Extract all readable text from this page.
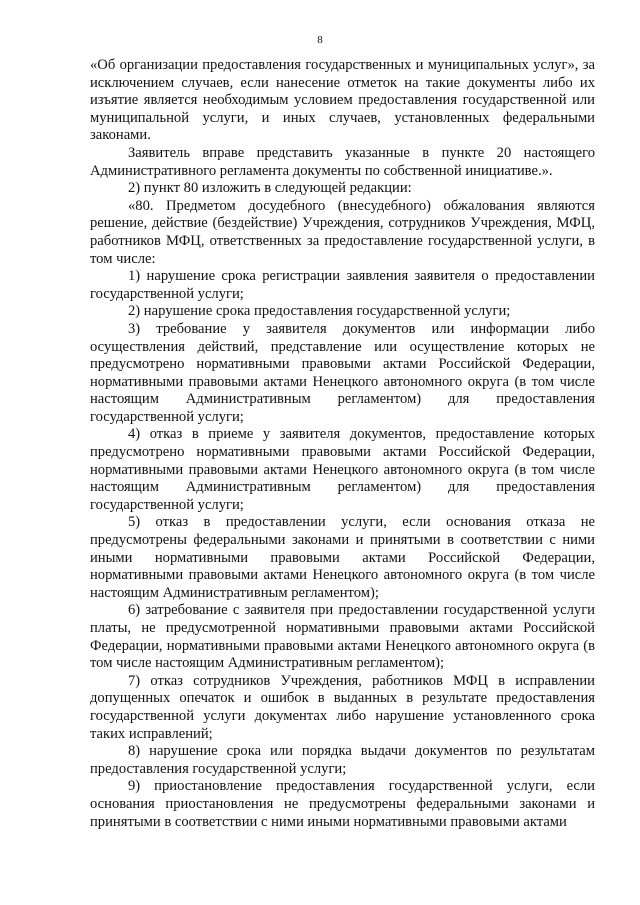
8

«Об организации предоставления государственных и муниципальных услуг», за исключением случаев, если нанесение отметок на такие документы либо их изъятие является необходимым условием предоставления государственной или муниципальной услуги, и иных случаев, установленных федеральными законами.

Заявитель вправе представить указанные в пункте 20 настоящего Административного регламента документы по собственной инициативе.».

2) пункт 80 изложить в следующей редакции:

«80. Предметом досудебного (внесудебного) обжалования являются решение, действие (бездействие) Учреждения, сотрудников Учреждения, МФЦ, работников МФЦ, ответственных за предоставление государственной услуги, в том числе:

1) нарушение срока регистрации заявления заявителя о предоставлении государственной услуги;

2) нарушение срока предоставления государственной услуги;

3) требование у заявителя документов или информации либо осуществления действий, представление или осуществление которых не предусмотрено нормативными правовыми актами Российской Федерации, нормативными правовыми актами Ненецкого автономного округа (в том числе настоящим Административным регламентом) для предоставления государственной услуги;

4) отказ в приеме у заявителя документов, предоставление которых предусмотрено нормативными правовыми актами Российской Федерации, нормативными правовыми актами Ненецкого автономного округа (в том числе настоящим Административным регламентом) для предоставления государственной услуги;

5) отказ в предоставлении услуги, если основания отказа не предусмотрены федеральными законами и принятыми в соответствии с ними иными нормативными правовыми актами Российской Федерации, нормативными правовыми актами Ненецкого автономного округа (в том числе настоящим Административным регламентом);

6) затребование с заявителя при предоставлении государственной услуги платы, не предусмотренной нормативными правовыми актами Российской Федерации, нормативными правовыми актами Ненецкого автономного округа (в том числе настоящим Административным регламентом);

7) отказ сотрудников Учреждения, работников МФЦ в исправлении допущенных опечаток и ошибок в выданных в результате предоставления государственной услуги документах либо нарушение установленного срока таких исправлений;

8) нарушение срока или порядка выдачи документов по результатам предоставления государственной услуги;

9) приостановление предоставления государственной услуги, если основания приостановления не предусмотрены федеральными законами и принятыми в соответствии с ними иными нормативными правовыми актами
